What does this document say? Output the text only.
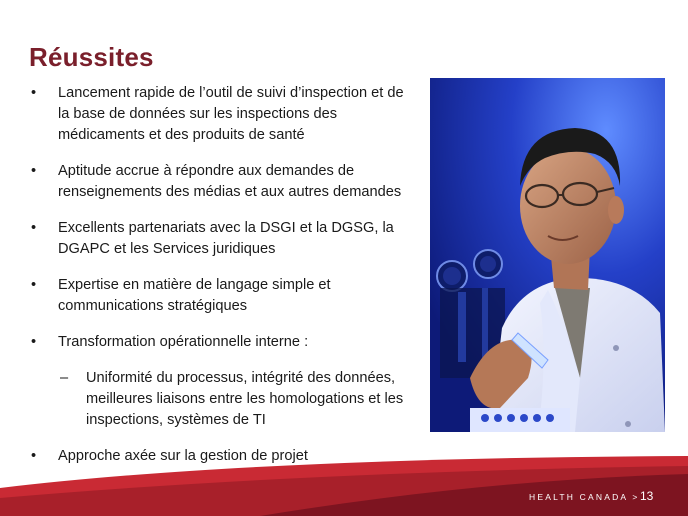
Réussites
• Lancement rapide de l’outil de suivi d’inspection et de
la base de données sur les inspections des
médicaments et des produits de santé
• Aptitude accrue à répondre aux demandes de
renseignements des médias et aux autres demandes
• Excellents partenariats avec la DSGI et la DGSG, la
DGAPC et les Services juridiques
• Expertise en matière de langage simple et
communications stratégiques
• Transformation opérationnelle interne :
– Uniformité du processus, intégrité des données,
meilleures liaisons entre les homologations et les
inspections, systèmes de TI
• Approche axée sur la gestion de projet
HEALTH CANADA > 13
